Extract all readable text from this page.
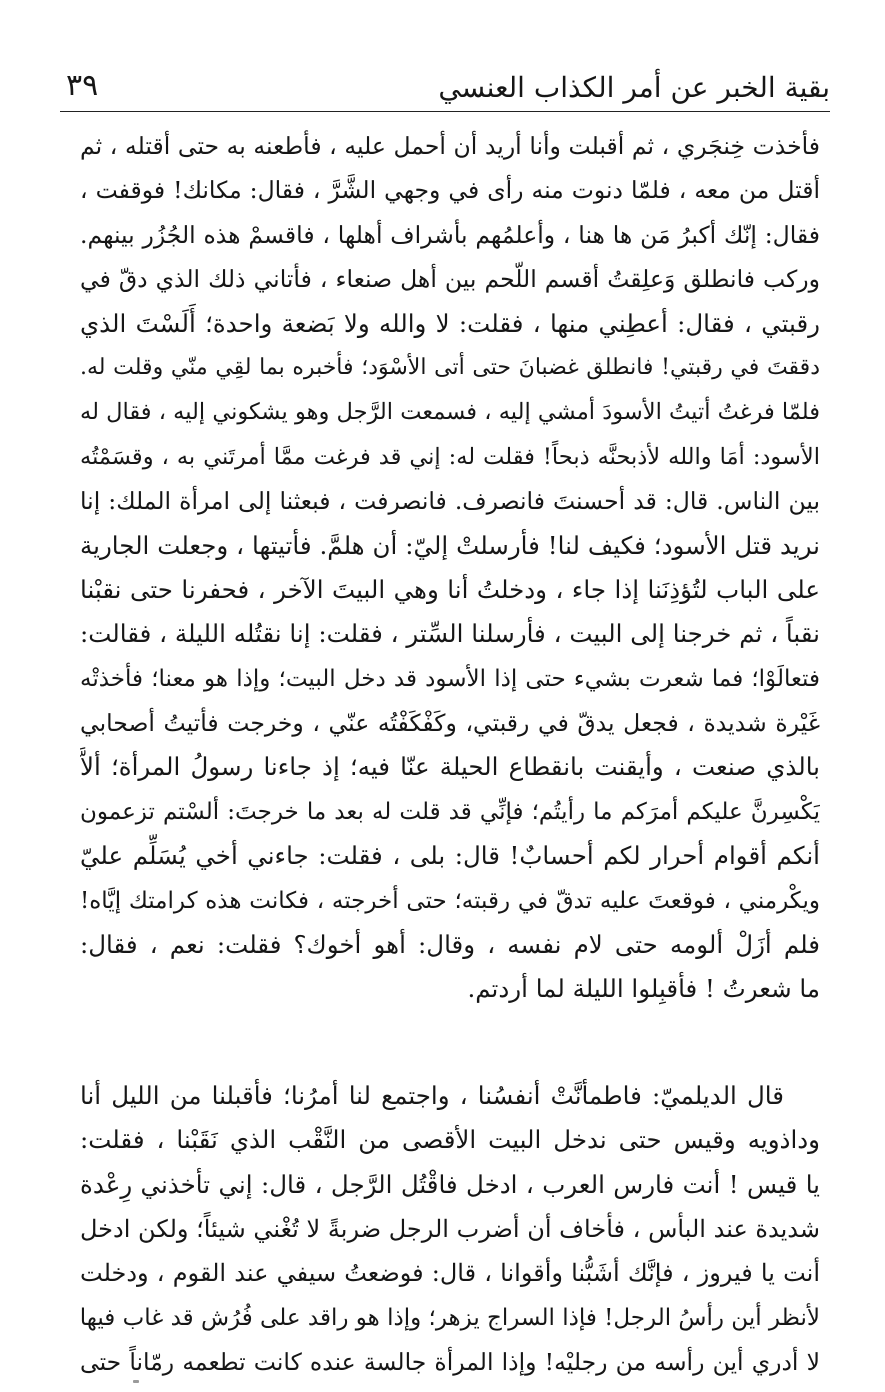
بقية الخبر عن أمر الكذاب العنسي
٣٩
فأخذت خِنجَري ، ثم أقبلت وأنا أريد أن أحمل عليه ، فأطعنه به حتى أقتله ، ثم
أقتل من معه ، فلمّا دنوت منه رأى في وجهي الشَّرَّ ، فقال: مكانك! فوقفت ،
فقال: إنّك أكبرُ مَن ها هنا ، وأعلمُهم بأشراف أهلها ، فاقسمْ هذه الجُزُر بينهم.
وركب فانطلق وَعلِقتُ أقسم اللّحم بين أهل صنعاء ، فأتاني ذلك الذي دقّ في
رقبتي ، فقال: أعطِني منها ، فقلت: لا والله ولا بَضعة واحدة؛ أَلَسْتَ الذي
دققتَ في رقبتي! فانطلق غضبانَ حتى أتى الأسْوَد؛ فأخبره بما لقِي منّي وقلت له.
فلمّا فرغتُ أتيتُ الأسودَ أمشي إليه ، فسمعت الرَّجل وهو يشكوني إليه ، فقال له
الأسود: أمَا والله لأذبحنَّه ذبحاً! فقلت له: إني قد فرغت ممَّا أمرتَني به ، وقسَمْتُه
بين الناس. قال: قد أحسنتَ فانصرف. فانصرفت ، فبعثنا إلى امرأة الملك: إنا
نريد قتل الأسود؛ فكيف لنا! فأرسلتْ إليّ: أن هلمَّ. فأتيتها ، وجعلت الجارية
على الباب لتُؤذِنَنا إذا جاء ، ودخلتُ أنا وهي البيتَ الآخر ، فحفرنا حتى نقبْنا
نقباً ، ثم خرجنا إلى البيت ، فأرسلنا السِّتر ، فقلت: إنا نقتُله الليلة ، فقالت:
فتعالَوْا؛ فما شعرت بشيء حتى إذا الأسود قد دخل البيت؛ وإذا هو معنا؛ فأخذتْه
غَيْرة شديدة ، فجعل يدقّ في رقبتي، وكَفْكَفْتُه عنّي ، وخرجت فأتيتُ أصحابي
بالذي صنعت ، وأيقنت بانقطاع الحيلة عنّا فيه؛ إذ جاءنا رسولُ المرأة؛ ألاَّ
يَكْسِرنَّ عليكم أمرَكم ما رأيتُم؛ فإنِّي قد قلت له بعد ما خرجتَ: ألسْتم تزعمون
أنكم أقوام أحرار لكم أحسابٌ! قال: بلى ، فقلت: جاءني أخي يُسَلِّم عليّ
ويكْرمني ، فوقعتَ عليه تدقّ في رقبته؛ حتى أخرجته ، فكانت هذه كرامتك إيَّاه!
فلم أزَلْ ألومه حتى لام نفسه ، وقال: أهو أخوك؟ فقلت: نعم ، فقال:
ما شعرتُ ! فأقبِلوا الليلة لما أردتم.
قال الديلميّ: فاطمأنَّتْ أنفسُنا ، واجتمع لنا أمرُنا؛ فأقبلنا من الليل أنا
وداذويه وقيس حتى ندخل البيت الأقصى من النَّقْب الذي نَقَبْنا ، فقلت:
يا قيس ! أنت فارس العرب ، ادخل فاقْتُل الرَّجل ، قال: إني تأخذني رِعْدة
شديدة عند البأس ، فأخاف أن أضرب الرجل ضربةً لا تُغْني شيئاً؛ ولكن ادخل
أنت يا فيروز ، فإنَّك أشَبُّنا وأقوانا ، قال: فوضعتُ سيفي عند القوم ، ودخلت
لأنظر أين رأسُ الرجل! فإذا السراج يزهر؛ وإذا هو راقد على فُرُش قد غاب فيها
لا أدري أين رأسه من رجليْه! وإذا المرأة جالسة عنده كانت تطعمه رمّاناً حتى
